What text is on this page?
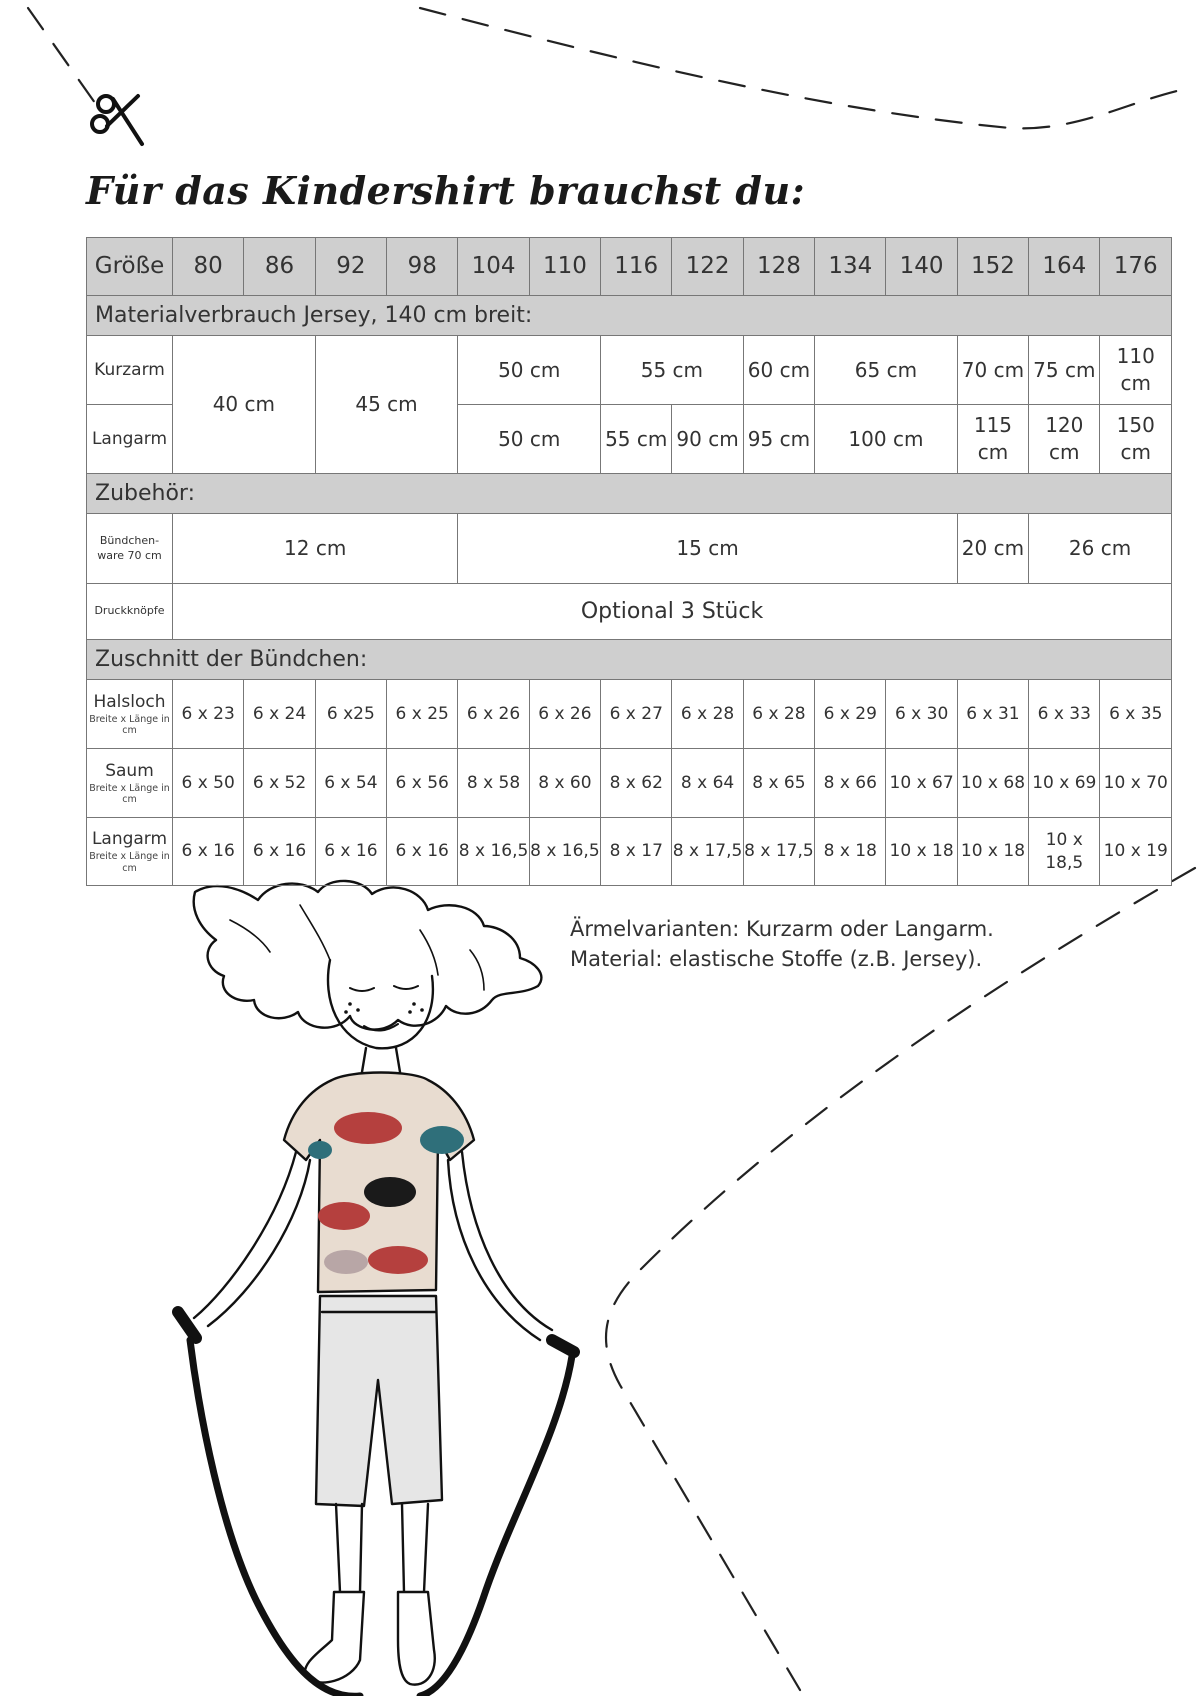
Für das Kindershirt brauchst du:
Größe	80	86	92	98	104	110	116	122	128	134	140	152	164	176
Materialverbrauch Jersey, 140 cm breit:														
Kurzarm	40 cm		45 cm		50 cm		55 cm		60 cm	65 cm		70 cm	75 cm	110 cm
Langarm					50 cm		55 cm	90 cm	95 cm	100 cm		115 cm	120 cm	150 cm
Zubehör:														
Bündchen-ware 70 cm	12 cm				15 cm							20 cm	26 cm	
Druckknöpfe	Optional 3 Stück													
Zuschnitt der Bündchen:														

Halsloch
Breite x Länge in cm	6 x 23	6 x 24	6 x25	6 x 25	6 x 26	6 x 26	6 x 27	6 x 28	6 x 28	6 x 29	6 x 30	6 x 31	6 x 33	6 x 35

Saum
Breite x Länge in cm	6 x 50	6 x 52	6 x 54	6 x 56	8 x 58	8 x 60	8 x 62	8 x 64	8 x 65	8 x 66	10 x 67	10 x 68	10 x 69	10 x 70

Langarm
Breite x Länge in cm	6 x 16	6 x 16	6 x 16	6 x 16	8 x 16,5	8 x 16,5	8 x 17	8 x 17,5	8 x 17,5	8 x 18	10 x 18	10 x 18	10 x 18,5	10 x 19

Ärmelvarianten: Kurzarm oder Langarm.

Material: elastische Stoffe (z.B. Jersey).
